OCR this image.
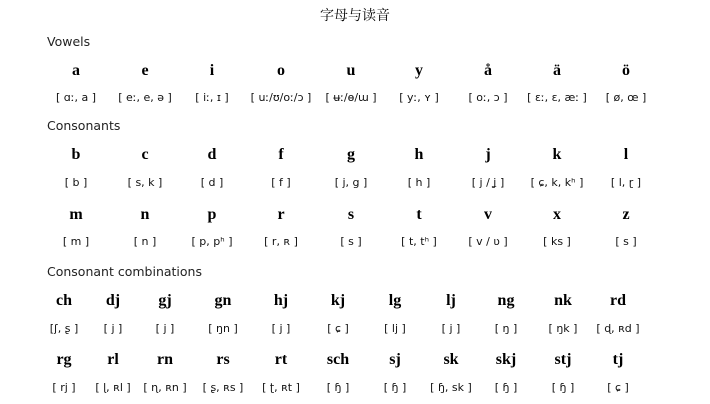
字母与读音
Vowels
a
[ ɑː, a ]
e
[ eː, e, ə ]
i
[ iː, ɪ ]
o
[ uː/ʊ/oː/ɔ ]
u
[ ʉː/ɵ/ɯ ]
y
[ yː, ʏ ]
å
[ oː, ɔ ]
ä
[ ɛː, ɛ, æː ]
ö
[ ø, œ ]
Consonants
b
[ b ]
c
[ s, k ]
d
[ d ]
f
[ f ]
g
[ j, g ]
h
[ h ]
j
[ j / ʝ ]
k
[ ɕ, k, kʰ ]
l
[ l, ɽ ]
m
[ m ]
n
[ n ]
p
[ p, pʰ ]
r
[ r, ʀ ]
s
[ s ]
t
[ t, tʰ ]
v
[ v / ʋ ]
x
[ ks ]
z
[ s ]
Consonant combinations
ch
[ʃ, ʂ ]
dj
[ j ]
gj
[ j ]
gn
[ ŋn ]
hj
[ j ]
kj
[ ɕ ]
lg
[ lj ]
lj
[ j ]
ng
[ ŋ ]
nk
[ ŋk ]
rd
[ ɖ, ʀd ]
rg
[ rj ]
rl
[ ɭ, ʀl ]
rn
[ ɳ, ʀn ]
rs
[ ʂ, ʀs ]
rt
[ ʈ, ʀt ]
sch
[ ɧ ]
sj
[ ɧ ]
sk
[ ɧ, sk ]
skj
[ ɧ ]
stj
[ ɧ ]
tj
[ ɕ ]
